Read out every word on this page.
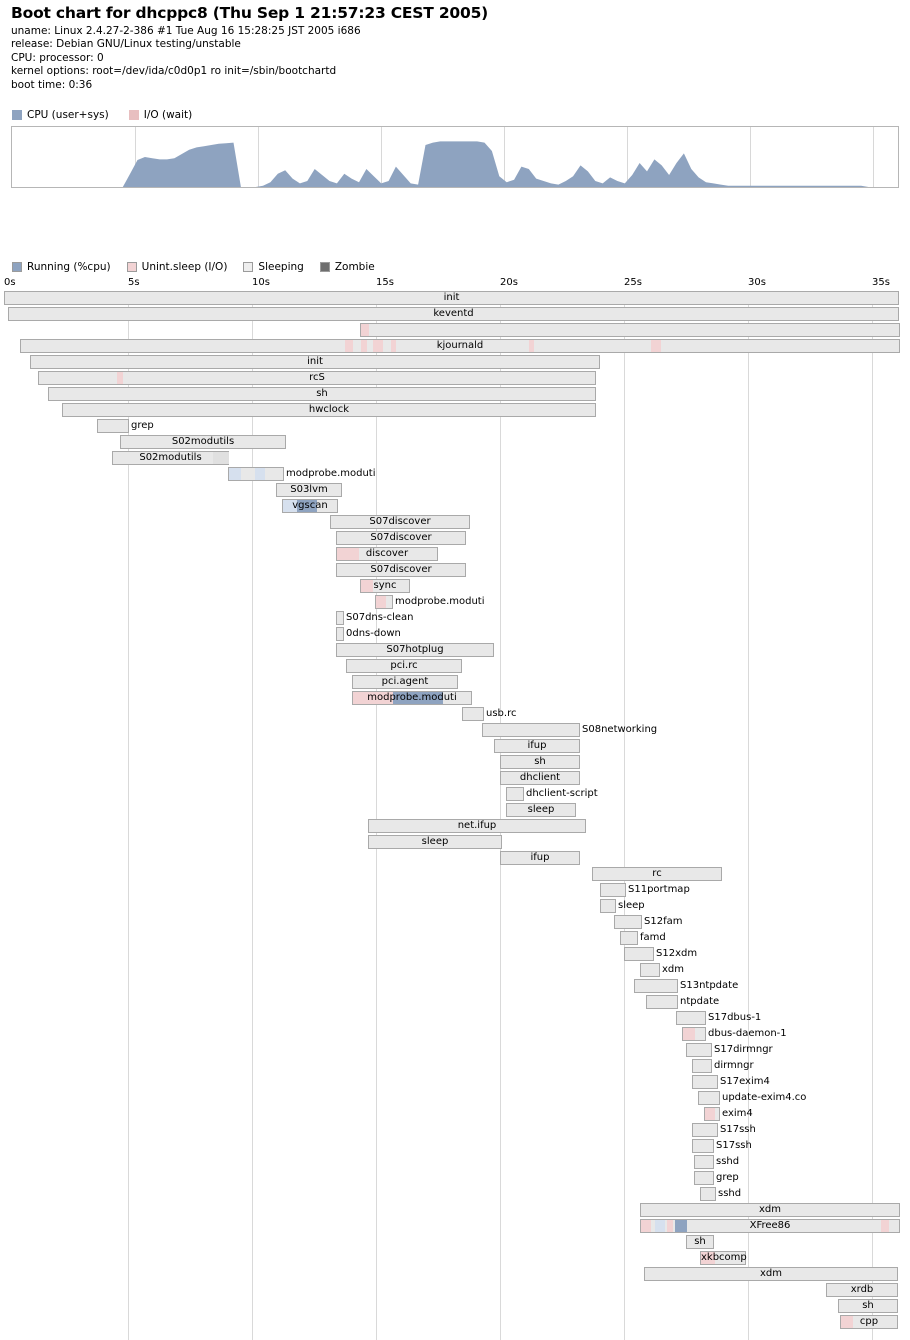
Boot chart for dhcppc8 (Thu Sep 1 21:57:23 CEST 2005)
uname: Linux 2.4.27-2-386 #1 Tue Aug 16 15:28:25 JST 2005 i686
release: Debian GNU/Linux testing/unstable
CPU: processor: 0
kernel options: root=/dev/ida/c0d0p1 ro init=/sbin/bootchartd
boot time: 0:36
CPU (user+sys)	I/O (wait)
Running (%cpu)	Unint.sleep (I/O)	Sleeping	Zombie
0s	5s	10s	15s	20s	25s	30s	35s
init
keventd
kjournald
init
rcS
sh
hwclock
grep
S02modutils
S02modutils
modprobe.moduti
S03lvm
vgscan
S07discover
S07discover
discover
S07discover
sync
modprobe.moduti
S07dns-clean
0dns-down
S07hotplug
pci.rc
pci.agent
modprobe.moduti
usb.rc
S08networking
ifup
sh
dhclient
dhclient-script
sleep
net.ifup
sleep
ifup
rc
S11portmap
sleep
S12fam
famd
S12xdm
xdm
S13ntpdate
ntpdate
S17dbus-1
dbus-daemon-1
S17dirmngr
dirmngr
S17exim4
update-exim4.co
exim4
S17ssh
S17ssh
sshd
grep
sshd
xdm
XFree86
sh
xkbcomp
xdm
xrdb
sh
cpp
